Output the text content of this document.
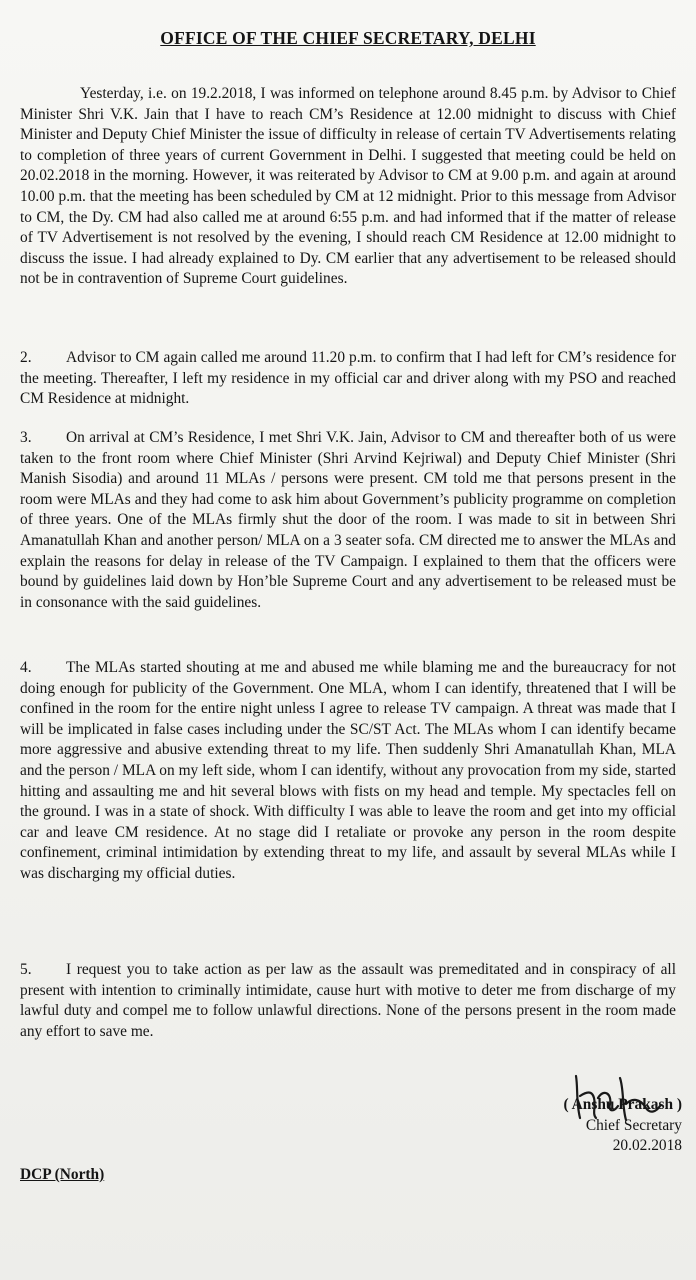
OFFICE OF THE CHIEF SECRETARY, DELHI
Yesterday, i.e. on 19.2.2018, I was informed on telephone around 8.45 p.m. by Advisor to Chief Minister Shri V.K. Jain that I have to reach CM’s Residence at 12.00 midnight to discuss with Chief Minister and Deputy Chief Minister the issue of difficulty in release of certain TV Advertisements relating to completion of three years of current Government in Delhi. I suggested that meeting could be held on 20.02.2018 in the morning. However, it was reiterated by Advisor to CM at 9.00 p.m. and again at around 10.00 p.m. that the meeting has been scheduled by CM at 12 midnight. Prior to this message from Advisor to CM, the Dy. CM had also called me at around 6:55 p.m. and had informed that if the matter of release of TV Advertisement is not resolved by the evening, I should reach CM Residence at 12.00 midnight to discuss the issue. I had already explained to Dy. CM earlier that any advertisement to be released should not be in contravention of Supreme Court guidelines.
2. Advisor to CM again called me around 11.20 p.m. to confirm that I had left for CM’s residence for the meeting. Thereafter, I left my residence in my official car and driver along with my PSO and reached CM Residence at midnight.
3. On arrival at CM’s Residence, I met Shri V.K. Jain, Advisor to CM and thereafter both of us were taken to the front room where Chief Minister (Shri Arvind Kejriwal) and Deputy Chief Minister (Shri Manish Sisodia) and around 11 MLAs / persons were present. CM told me that persons present in the room were MLAs and they had come to ask him about Government’s publicity programme on completion of three years. One of the MLAs firmly shut the door of the room. I was made to sit in between Shri Amanatullah Khan and another person/ MLA on a 3 seater sofa. CM directed me to answer the MLAs and explain the reasons for delay in release of the TV Campaign. I explained to them that the officers were bound by guidelines laid down by Hon’ble Supreme Court and any advertisement to be released must be in consonance with the said guidelines.
4. The MLAs started shouting at me and abused me while blaming me and the bureaucracy for not doing enough for publicity of the Government. One MLA, whom I can identify, threatened that I will be confined in the room for the entire night unless I agree to release TV campaign. A threat was made that I will be implicated in false cases including under the SC/ST Act. The MLAs whom I can identify became more aggressive and abusive extending threat to my life. Then suddenly Shri Amanatullah Khan, MLA and the person / MLA on my left side, whom I can identify, without any provocation from my side, started hitting and assaulting me and hit several blows with fists on my head and temple. My spectacles fell on the ground. I was in a state of shock. With difficulty I was able to leave the room and get into my official car and leave CM residence. At no stage did I retaliate or provoke any person in the room despite confinement, criminal intimidation by extending threat to my life, and assault by several MLAs while I was discharging my official duties.
5. I request you to take action as per law as the assault was premeditated and in conspiracy of all present with intention to criminally intimidate, cause hurt with motive to deter me from discharge of my lawful duty and compel me to follow unlawful directions. None of the persons present in the room made any effort to save me.
( Anshu Prakash )
Chief Secretary
20.02.2018
DCP (North)
